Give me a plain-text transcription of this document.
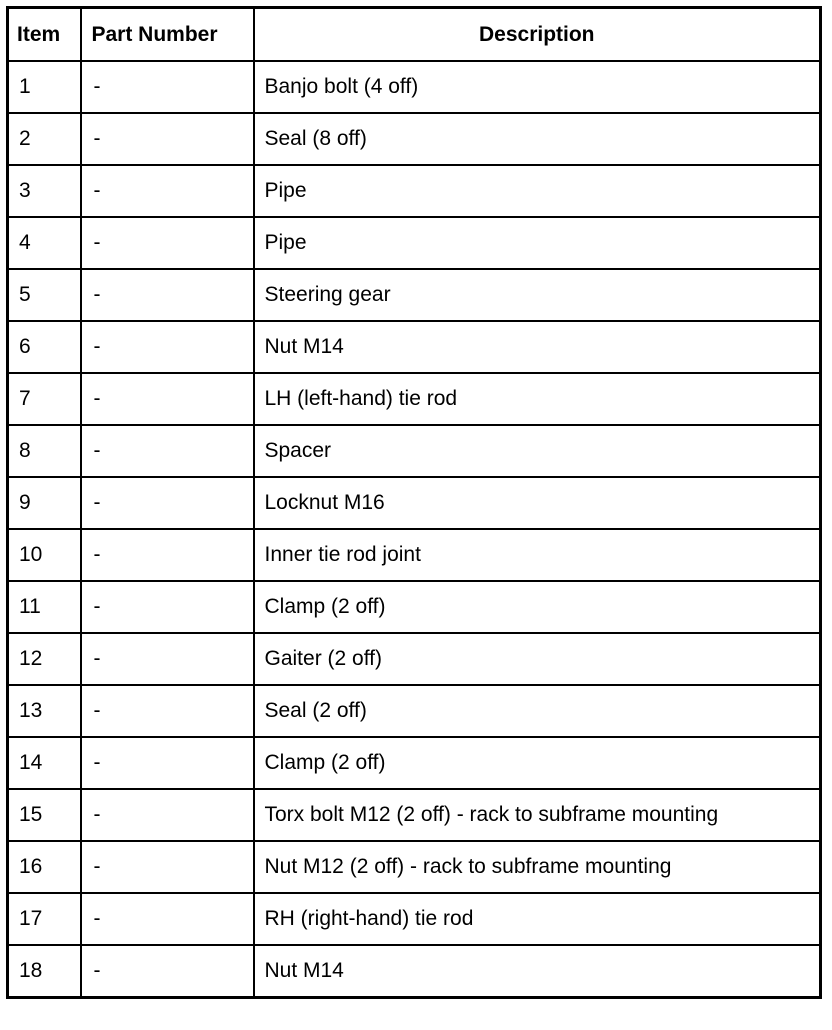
Item	Part Number	Description
1	-	Banjo bolt (4 off)
2	-	Seal (8 off)
3	-	Pipe
4	-	Pipe
5	-	Steering gear
6	-	Nut M14
7	-	LH (left-hand) tie rod
8	-	Spacer
9	-	Locknut M16
10	-	Inner tie rod joint
11	-	Clamp (2 off)
12	-	Gaiter (2 off)
13	-	Seal (2 off)
14	-	Clamp (2 off)
15	-	Torx bolt M12 (2 off) - rack to subframe mounting
16	-	Nut M12 (2 off) - rack to subframe mounting
17	-	RH (right-hand) tie rod
18	-	Nut M14
